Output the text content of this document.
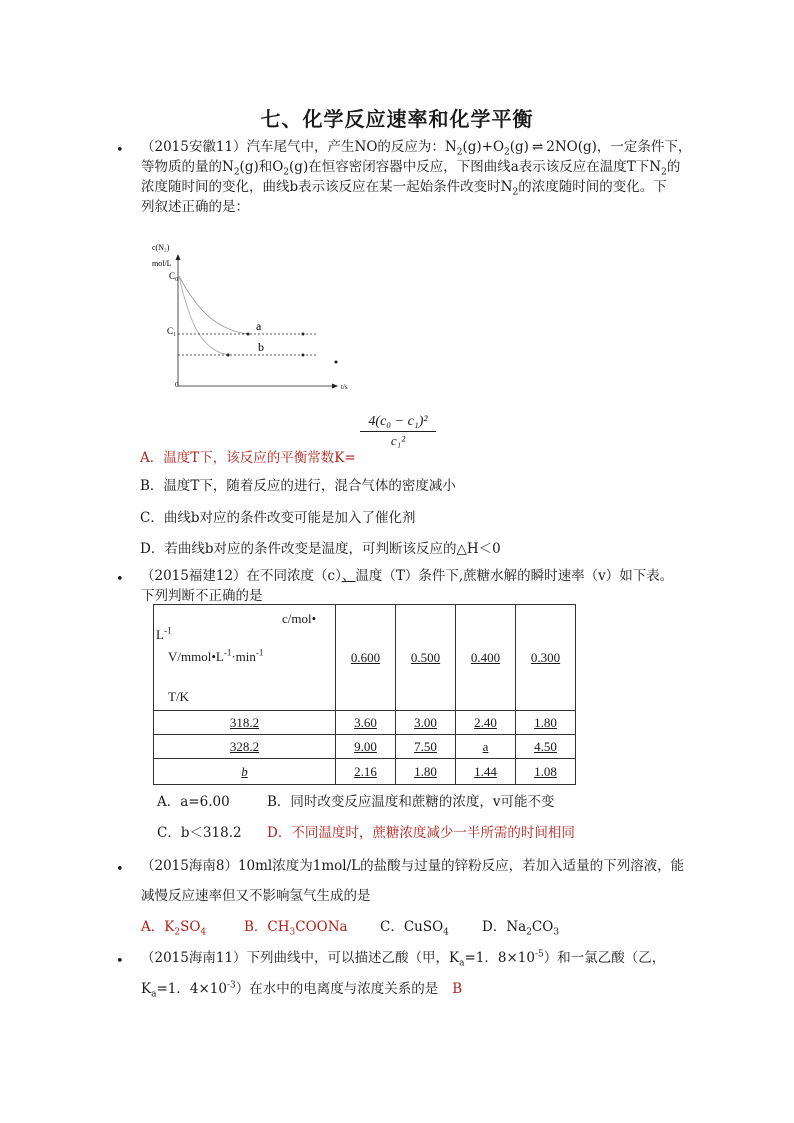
七、化学反应速率和化学平衡
• （2015安徽11）汽车尾气中，产生NO的反应为：$N_2(g)+O_2(g)$ ⇌ 2NO(g)，一定条件下，
等物质的量的$N_2(g)$和$O_2(g)$在恒容密闭容器中反应，下图曲线a表示该反应在温度T下$N_2$的
浓度随时间的变化，曲线b表示该反应在某一起始条件改变时$N_2$的浓度随时间的变化。下
列叙述正确的是：
c(N₂)
mol/L
C₀
C₁
0	t/s
a
b
$\frac{\text{4(c₀ − c₁)²}}{\text{c₁²}}$
A．温度T下，该反应的平衡常数K=
B．温度T下，随着反应的进行，混合气体的密度减小
C．曲线b对应的条件改变可能是加入了催化剂
D．若曲线b对应的条件改变是温度，可判断该反应的△H＜0
• （2015福建12）在不同浓度（c）、温度（T）条件下,蔗糖水解的瞬时速率（v）如下表。
下列判断不正确的是
c/mol•
$L^{-1}$
$V/mmol•L^{-1}\cdot\min^{-1}$
T/K	0.600	0.500	0.400	0.300
318.2	3.60	3.00	2.40	1.80
328.2	9.00	7.50	a	4.50
b	2.16	1.80	1.44	1.08
A．a=6.00	B．同时改变反应温度和蔗糖的浓度，v可能不变
C．b＜318.2 D．不同温度时，蔗糖浓度减少一半所需的时间相同
• （2015海南8）10ml浓度为1mol/L的盐酸与过量的锌粉反应，若加入适量的下列溶液，能
减慢反应速率但又不影响氢气生成的是
A．$K_2SO_4$	B．$CH_3COONa$ C．CuSO$_4$ D．$Na_2CO_3$
• （2015海南11）下列曲线中，可以描述乙酸（甲，$K_a=1$．$8\times 10^{-5}$）和一氯乙酸（乙，
$K_a=1$．$4\times 10^{-3}$）在水中的电离度与浓度关系的是 B
